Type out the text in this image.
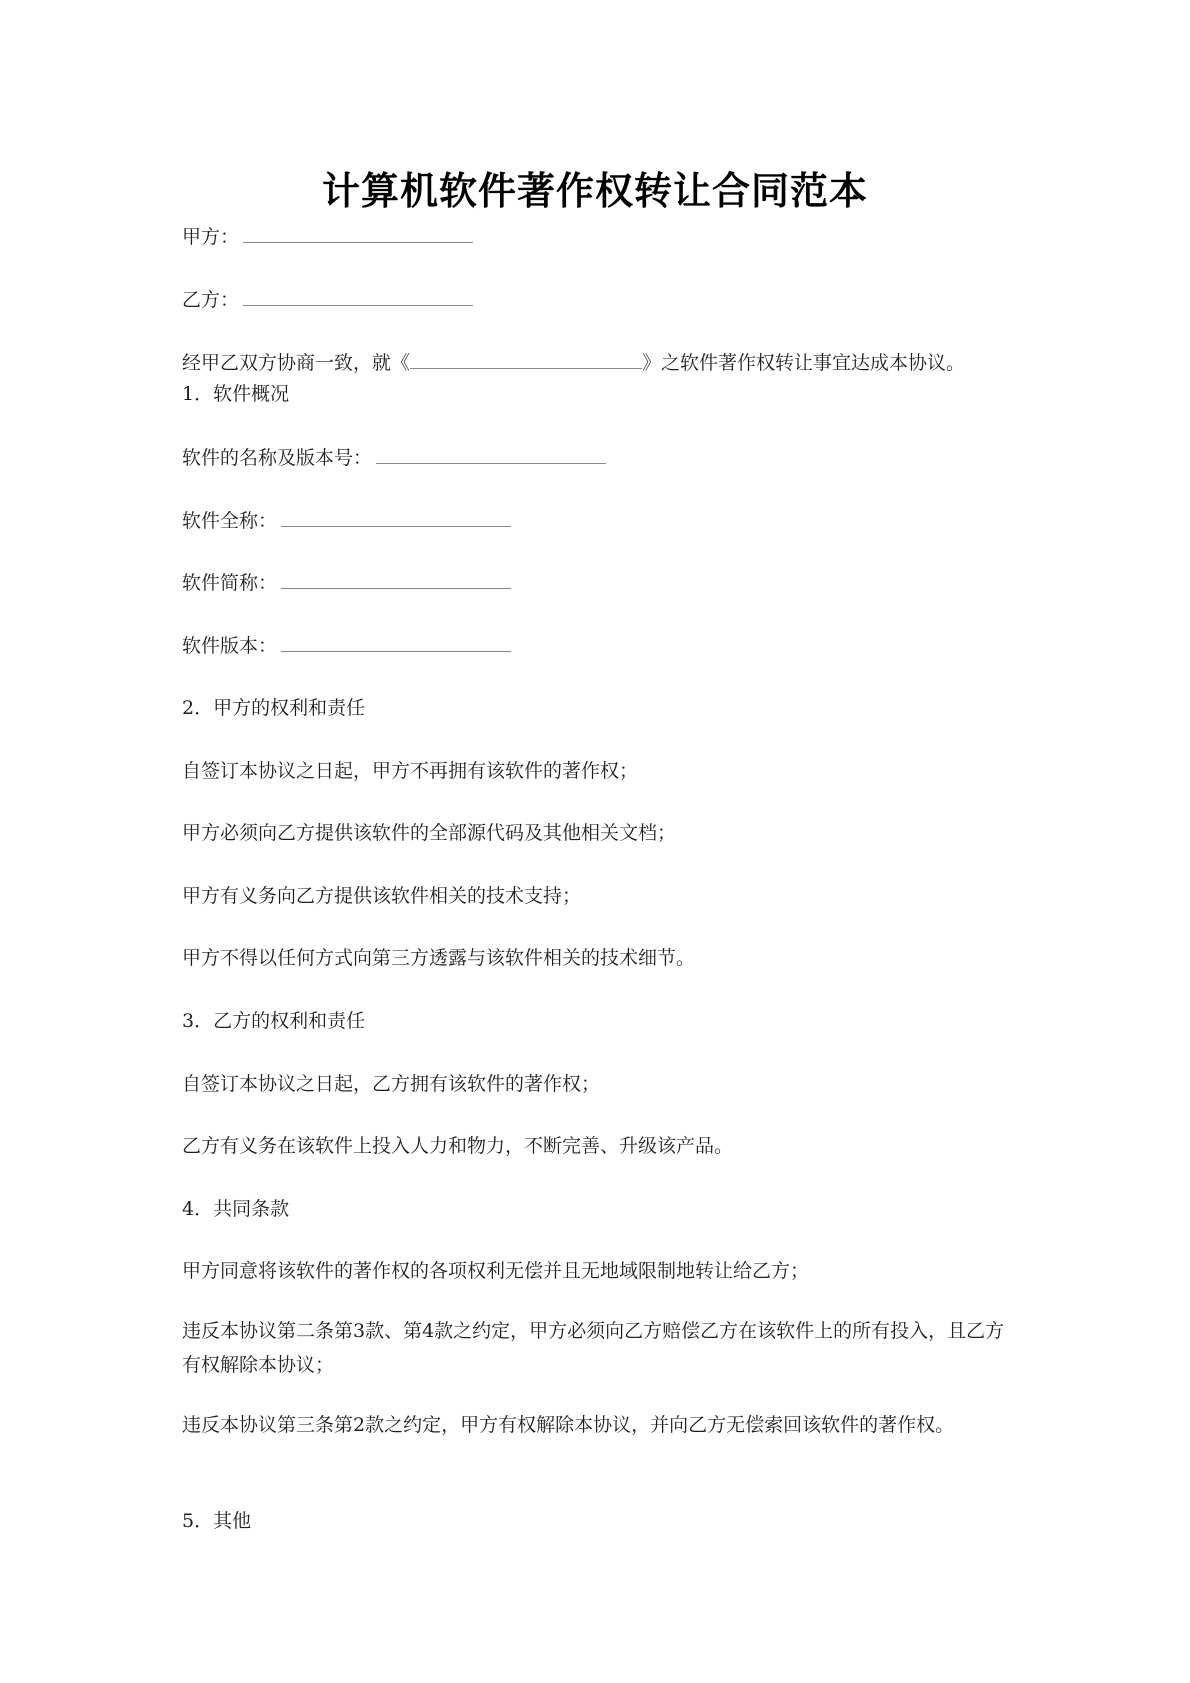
计算机软件著作权转让合同范本
甲方：
乙方：
经甲乙双方协商一致，就《	》之软件著作权转让事宜达成本协议。
1．软件概况
软件的名称及版本号：
软件全称：
软件简称：
软件版本：
2．甲方的权利和责任
自签订本协议之日起，甲方不再拥有该软件的著作权；
甲方必须向乙方提供该软件的全部源代码及其他相关文档；
甲方有义务向乙方提供该软件相关的技术支持；
甲方不得以任何方式向第三方透露与该软件相关的技术细节。
3．乙方的权利和责任
自签订本协议之日起，乙方拥有该软件的著作权；
乙方有义务在该软件上投入人力和物力，不断完善、升级该产品。
4．共同条款
甲方同意将该软件的著作权的各项权利无偿并且无地域限制地转让给乙方；
违反本协议第二条第3款、第4款之约定，甲方必须向乙方赔偿乙方在该软件上的所有投入，且乙方有权解除本协议；
违反本协议第三条第2款之约定，甲方有权解除本协议，并向乙方无偿索回该软件的著作权。
5．其他
